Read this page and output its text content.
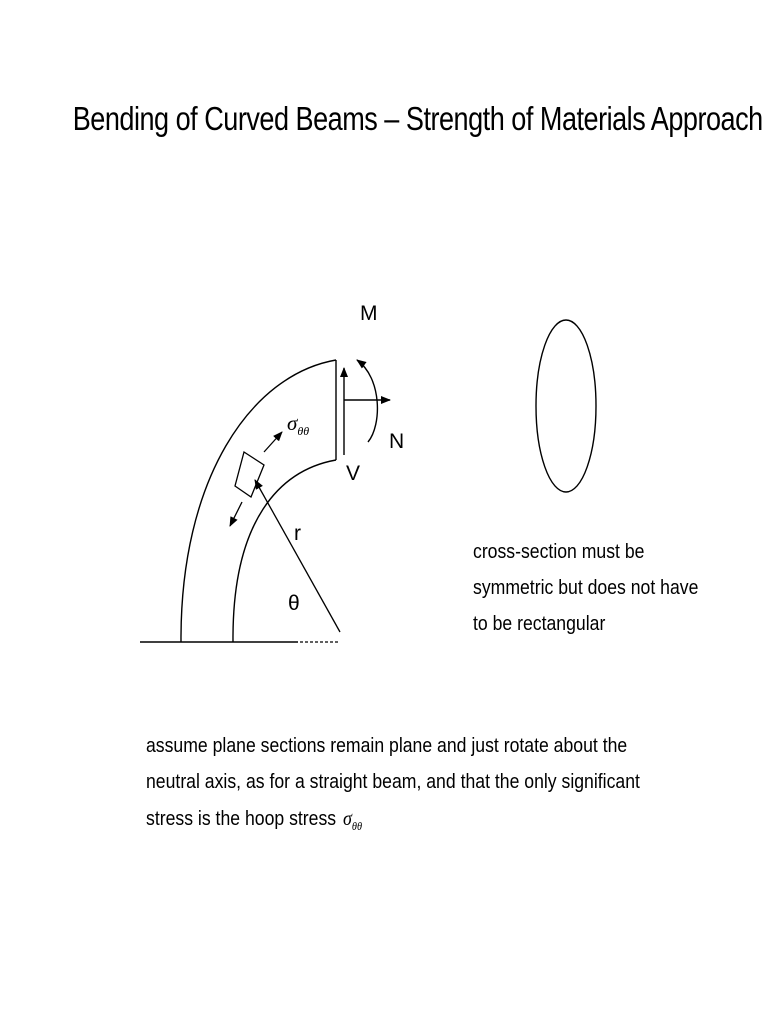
Bending of Curved Beams – Strength of Materials Approach
M
N
V
r
θ
$\sigma_{\theta\theta}$
cross-section must be
symmetric but does not have
to be rectangular
assume plane sections remain plane and just rotate about the
neutral axis, as for a straight beam, and that the only significant
stress is the hoop stress $\sigma_{\theta\theta}$
